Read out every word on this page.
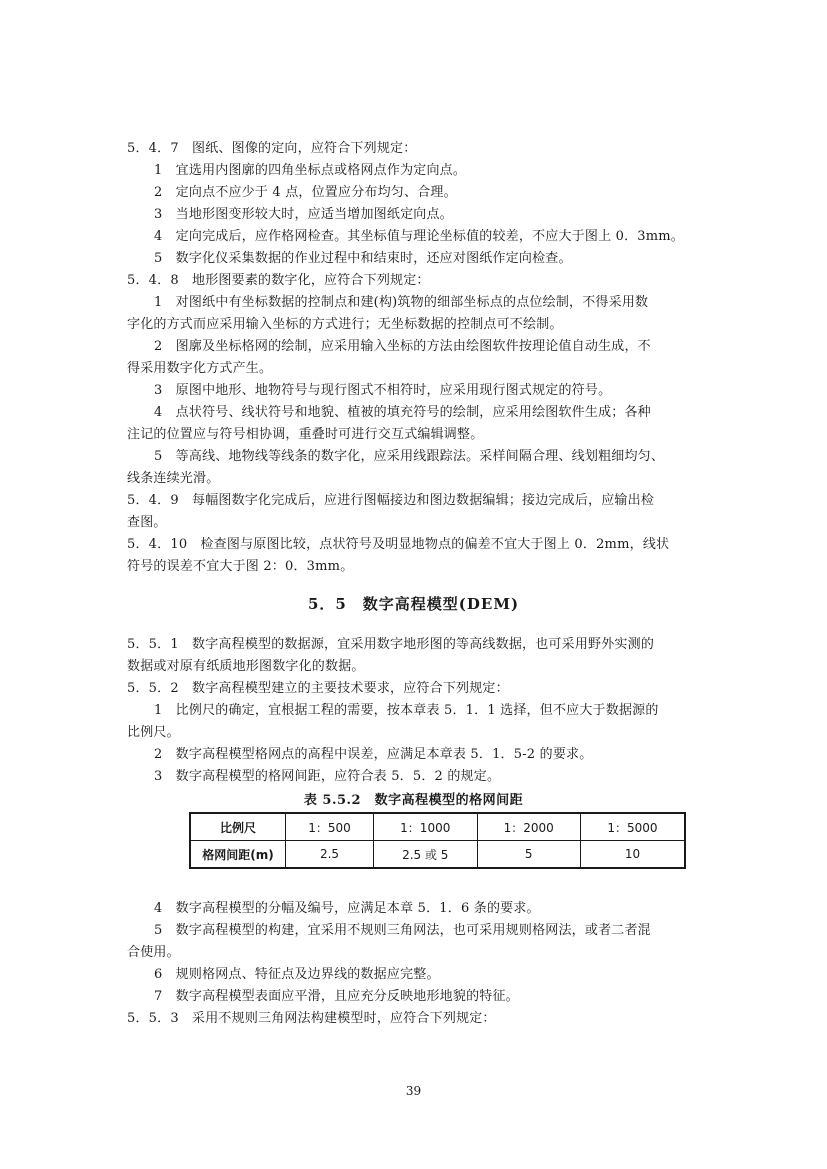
5．4．7　图纸、图像的定向，应符合下列规定：
1　宜选用内图廓的四角坐标点或格网点作为定向点。
2　定向点不应少于 4 点，位置应分布均匀、合理。
3　当地形图变形较大时，应适当增加图纸定向点。
4　定向完成后，应作格网检查。其坐标值与理论坐标值的较差，不应大于图上 0．3mm。
5　数字化仪采集数据的作业过程中和结束时，还应对图纸作定向检查。
5．4．8　地形图要素的数字化，应符合下列规定：
1　对图纸中有坐标数据的控制点和建(构)筑物的细部坐标点的点位绘制，不得采用数
字化的方式而应采用输入坐标的方式进行；无坐标数据的控制点可不绘制。
2　图廓及坐标格网的绘制，应采用输入坐标的方法由绘图软件按理论值自动生成，不
得采用数字化方式产生。
3　原图中地形、地物符号与现行图式不相符时，应采用现行图式规定的符号。
4　点状符号、线状符号和地貌、植被的填充符号的绘制，应采用绘图软件生成；各种
注记的位置应与符号相协调，重叠时可进行交互式编辑调整。
5　等高线、地物线等线条的数字化，应采用线跟踪法。采样间隔合理、线划粗细均匀、
线条连续光滑。
5．4．9　每幅图数字化完成后，应进行图幅接边和图边数据编辑；接边完成后，应输出检
查图。
5．4．10　检查图与原图比较，点状符号及明显地物点的偏差不宜大于图上 0．2mm，线状
符号的误差不宜大于图 2：0．3mm。
5．5　数字高程模型(DEM)
5．5．1　数字高程模型的数据源，宜采用数字地形图的等高线数据，也可采用野外实测的
数据或对原有纸质地形图数字化的数据。
5．5．2　数字高程模型建立的主要技术要求，应符合下列规定：
1　比例尺的确定，宜根据工程的需要，按本章表 5．1．1 选择，但不应大于数据源的
比例尺。
2　数字高程模型格网点的高程中误差，应满足本章表 5．1．5-2 的要求。
3　数字高程模型的格网间距，应符合表 5．5．2 的规定。
表 5.5.2　数字高程模型的格网间距
比例尺	1：500	1：1000	1：2000	1：5000
格网间距(m)	2.5	2.5 或 5	5	10
4　数字高程模型的分幅及编号，应满足本章 5．1．6 条的要求。
5　数字高程模型的构建，宜采用不规则三角网法，也可采用规则格网法，或者二者混
合使用。
6　规则格网点、特征点及边界线的数据应完整。
7　数字高程模型表面应平滑，且应充分反映地形地貌的特征。
5．5．3　采用不规则三角网法构建模型时，应符合下列规定：
39
